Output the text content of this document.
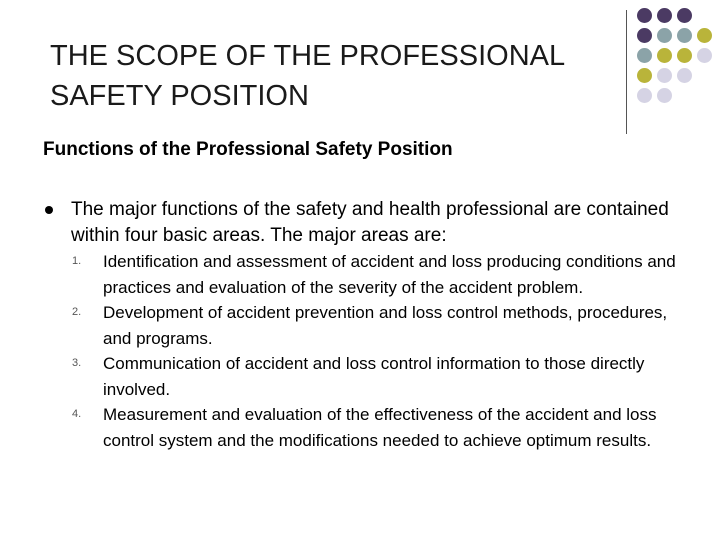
THE SCOPE OF THE PROFESSIONAL SAFETY POSITION
Functions of the Professional Safety Position
The major functions of the safety and health professional are contained within four basic areas. The major areas are:
1. Identification and assessment of accident and loss producing conditions and practices and evaluation of the severity of the accident problem.
2. Development of accident prevention and loss control methods, procedures, and programs.
3. Communication of accident and loss control information to those directly involved.
4. Measurement and evaluation of the effectiveness of the accident and loss control system and the modifications needed to achieve optimum results.
